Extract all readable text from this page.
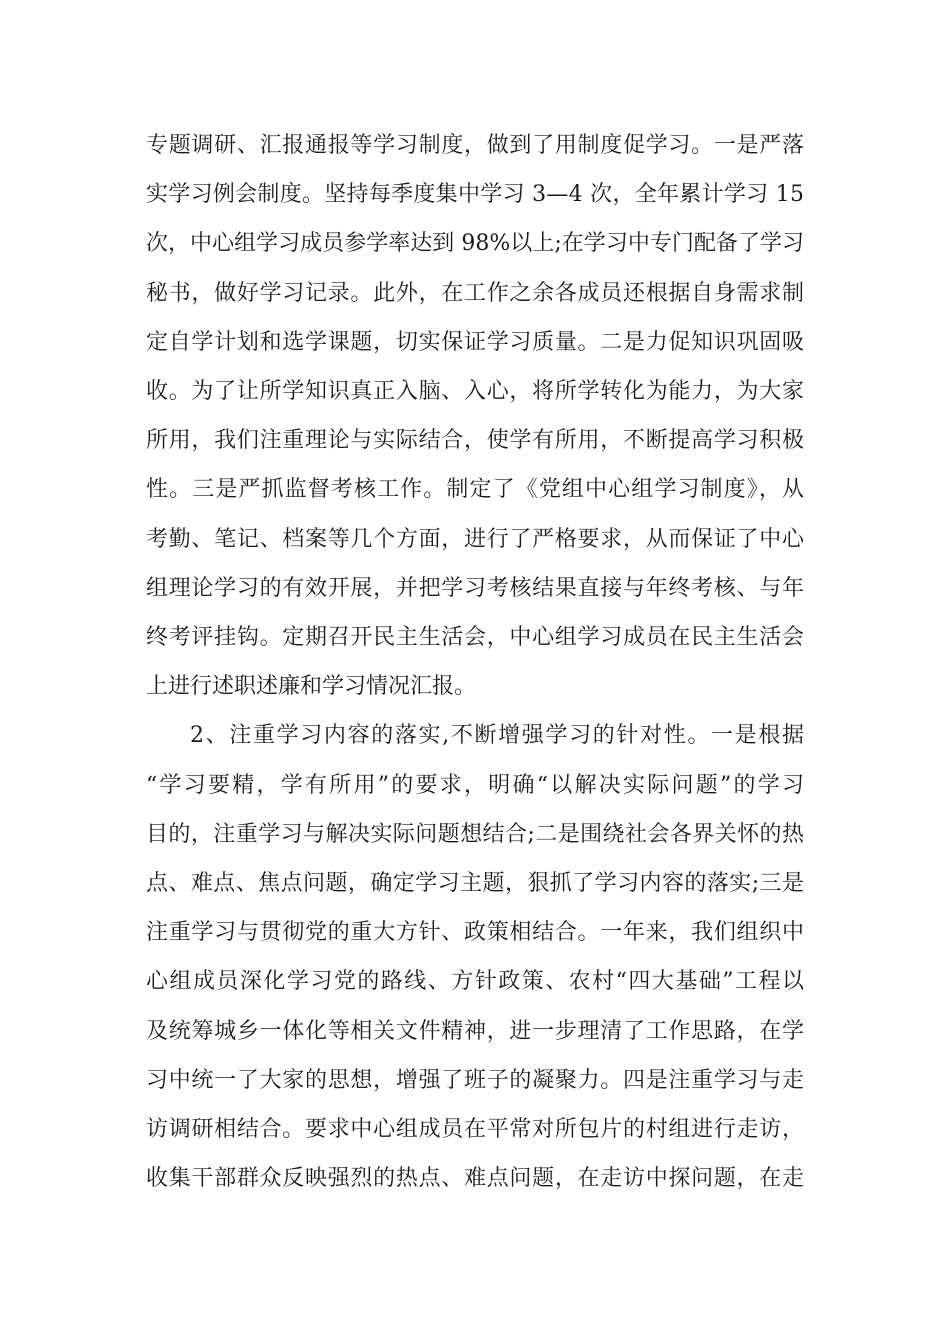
专题调研、汇报通报等学习制度，做到了用制度促学习。一是严落
实学习例会制度。坚持每季度集中学习 3—4 次，全年累计学习 15
次，中心组学习成员参学率达到 98%以上;在学习中专门配备了学习
秘书，做好学习记录。此外，在工作之余各成员还根据自身需求制
定自学计划和选学课题，切实保证学习质量。二是力促知识巩固吸
收。为了让所学知识真正入脑、入心，将所学转化为能力，为大家
所用，我们注重理论与实际结合，使学有所用，不断提高学习积极
性。三是严抓监督考核工作。制定了《党组中心组学习制度》，从
考勤、笔记、档案等几个方面，进行了严格要求，从而保证了中心
组理论学习的有效开展，并把学习考核结果直接与年终考核、与年
终考评挂钩。定期召开民主生活会，中心组学习成员在民主生活会
上进行述职述廉和学习情况汇报。
2、注重学习内容的落实,不断增强学习的针对性。一是根据
“学习要精，学有所用”的要求，明确“以解决实际问题”的学习
目的，注重学习与解决实际问题想结合;二是围绕社会各界关怀的热
点、难点、焦点问题，确定学习主题，狠抓了学习内容的落实;三是
注重学习与贯彻党的重大方针、政策相结合。一年来，我们组织中
心组成员深化学习党的路线、方针政策、农村“四大基础”工程以
及统筹城乡一体化等相关文件精神，进一步理清了工作思路，在学
习中统一了大家的思想，增强了班子的凝聚力。四是注重学习与走
访调研相结合。要求中心组成员在平常对所包片的村组进行走访，
收集干部群众反映强烈的热点、难点问题，在走访中探问题，在走
